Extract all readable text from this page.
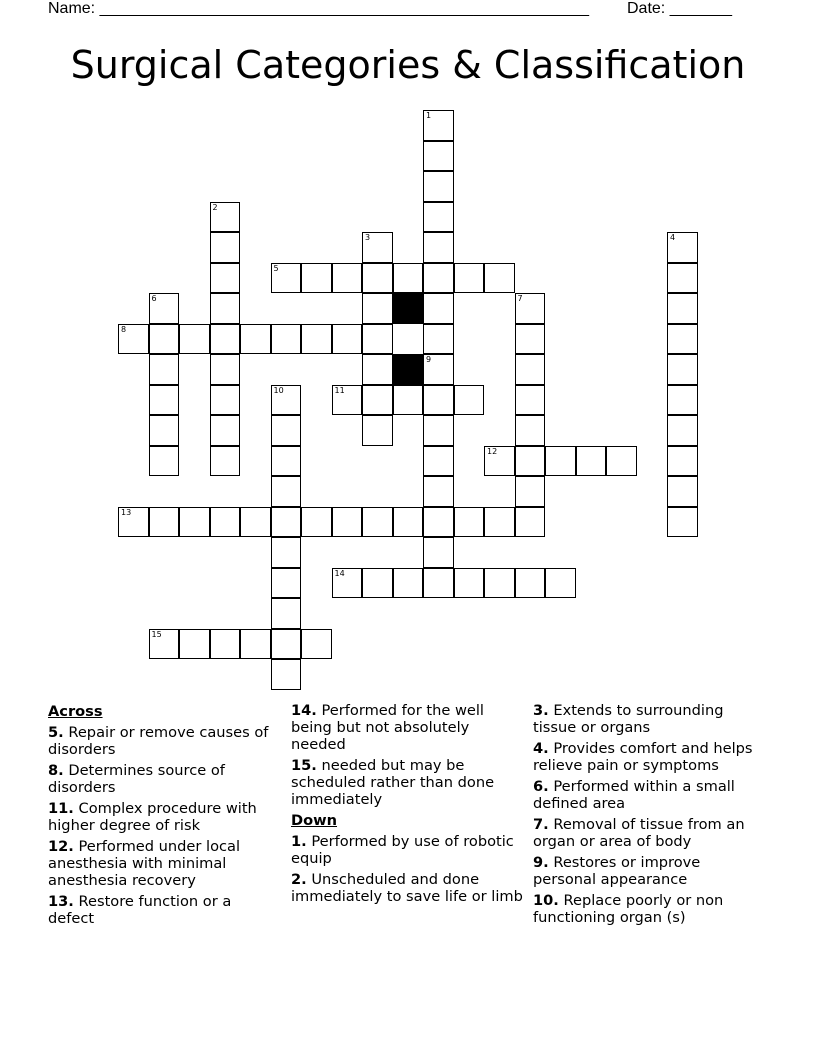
Name: _______________________________________________________ Date: _______
Surgical Categories & Classification
1
2
3	4
5
6	7
8
9
10	11
12
13
14
15
Across
5. Repair or remove causes of disorders
8. Determines source of disorders
11. Complex procedure with higher degree of risk
12. Performed under local anesthesia with minimal anesthesia recovery
13. Restore function or a defect
14. Performed for the well being but not absolutely needed
15. needed but may be scheduled rather than done immediately
Down
1. Performed by use of robotic equip
2. Unscheduled and done immediately to save life or limb
3. Extends to surrounding tissue or organs
4. Provides comfort and helps relieve pain or symptoms
6. Performed within a small defined area
7. Removal of tissue from an organ or area of body
9. Restores or improve personal appearance
10. Replace poorly or non functioning organ (s)
